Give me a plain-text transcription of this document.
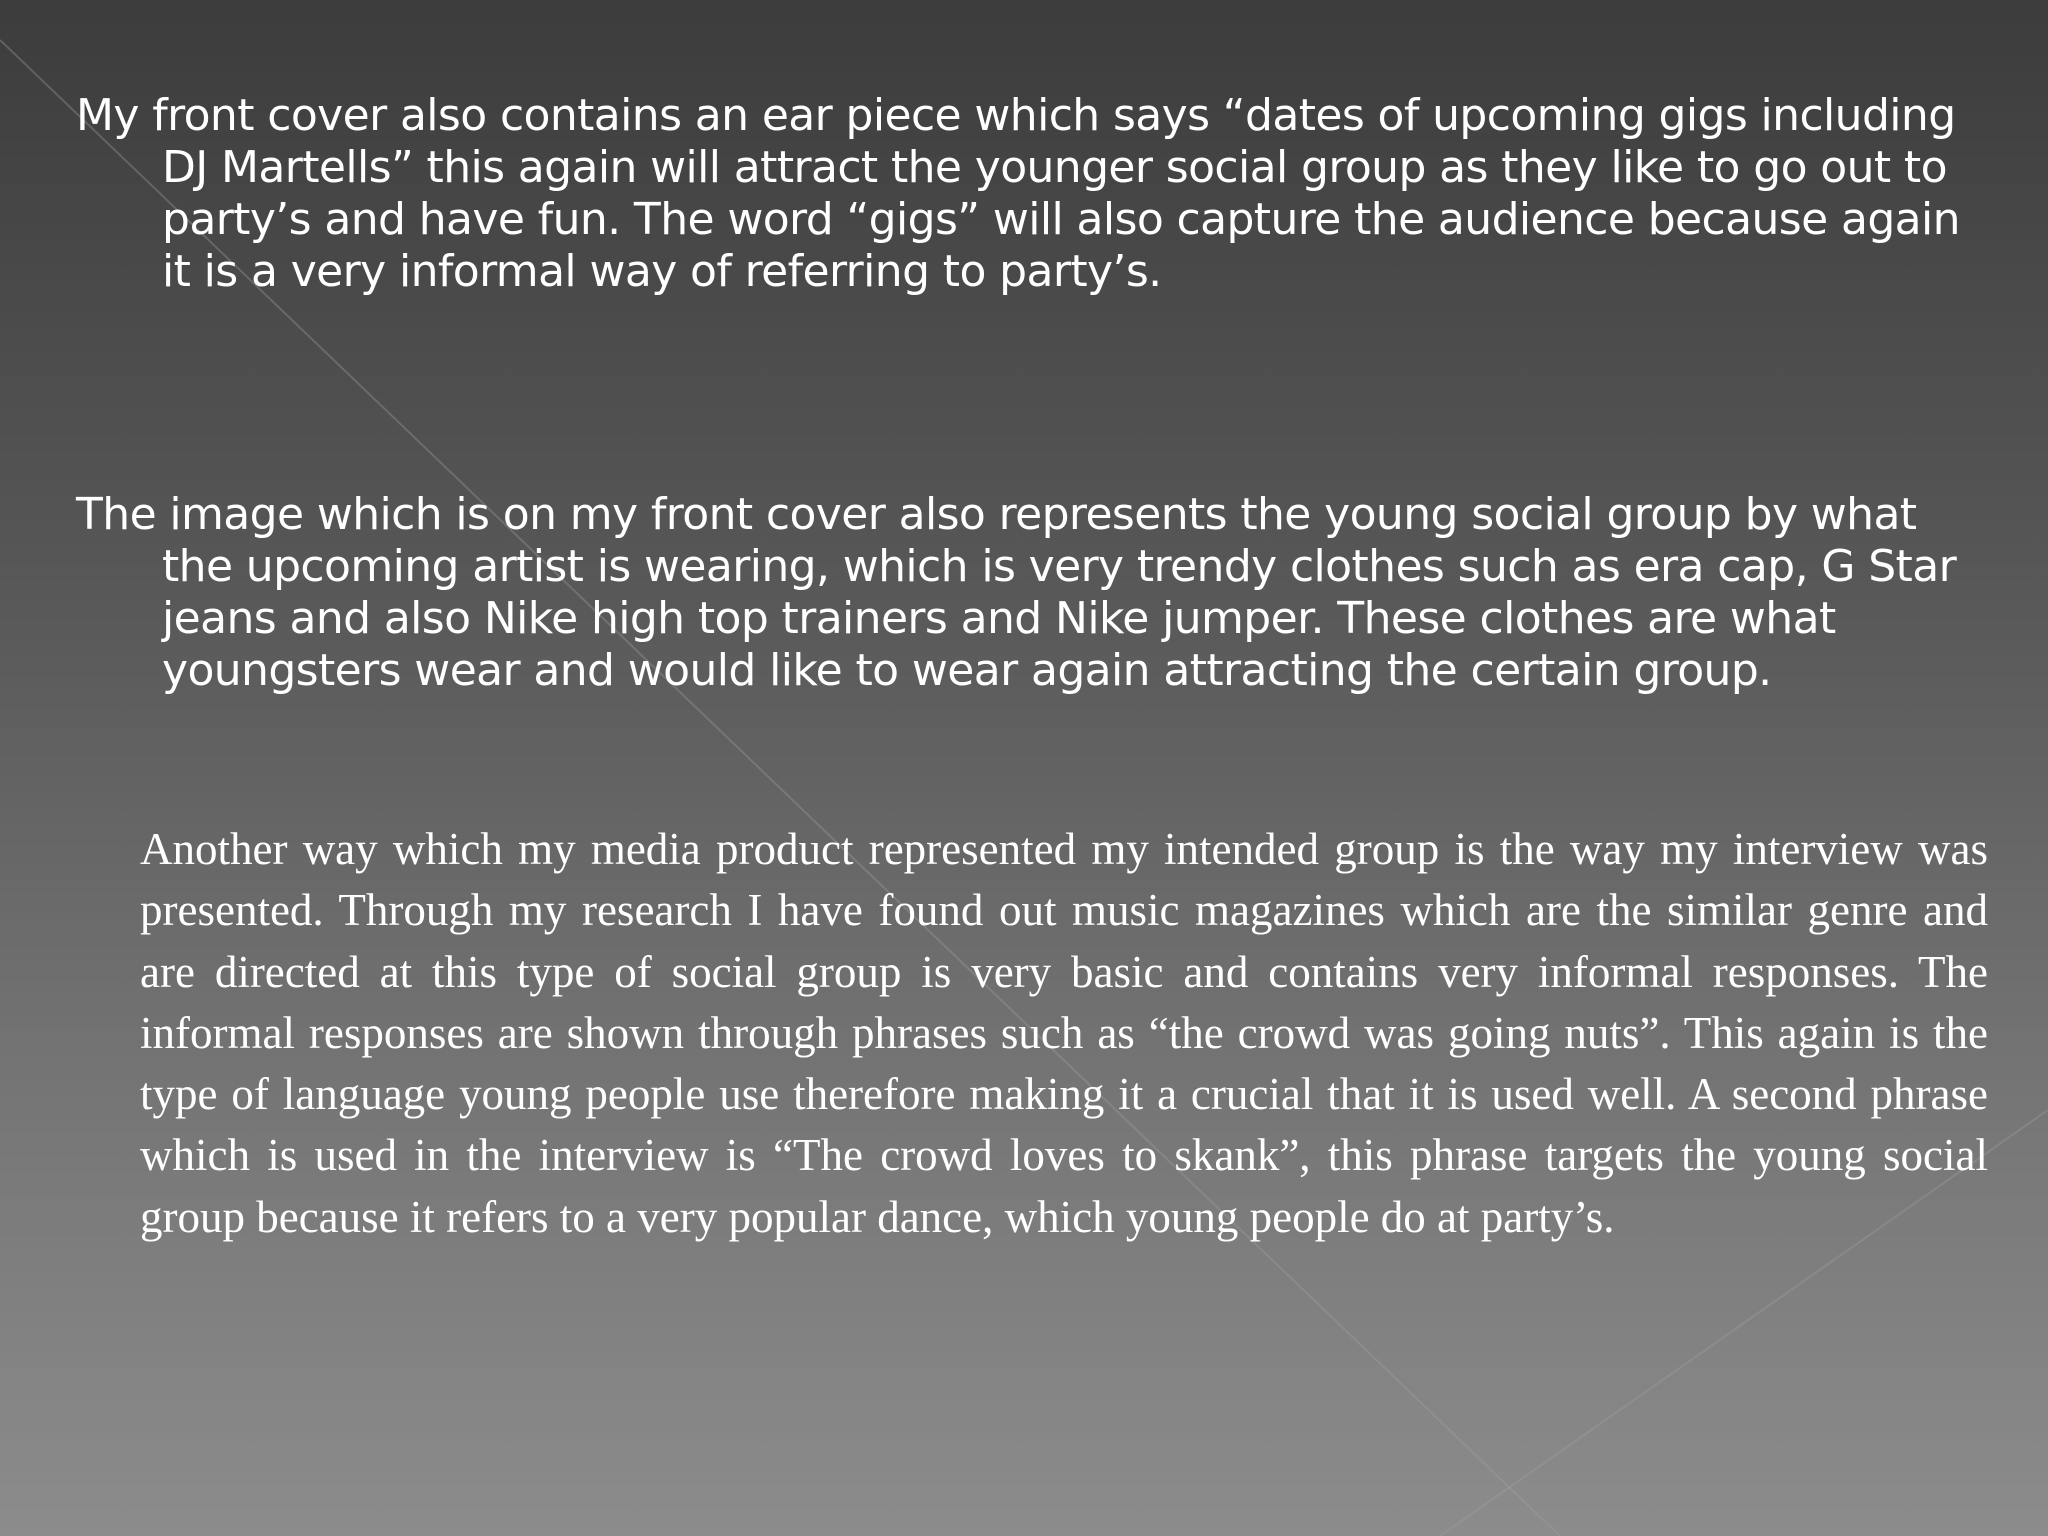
My front cover also contains an ear piece which says “dates of upcoming gigs including DJ Martells” this again will attract the younger social group as they like to go out to party’s and have fun. The word “gigs” will also capture the audience because again it is a very informal way of referring to party’s.

The image which is on my front cover also represents the young social group by what the upcoming artist is wearing, which is very trendy clothes such as era cap, G Star jeans and also Nike high top trainers and Nike jumper. These clothes are what youngsters wear and would like to wear again attracting the certain group.

Another way which my media product represented my intended group is the way my interview was presented. Through my research I have found out music magazines which are the similar genre and are directed at this type of social group is very basic and contains very informal responses. The informal responses are shown through phrases such as “the crowd was going nuts”. This again is the type of language young people use therefore making it a crucial that it is used well. A second phrase which is used in the interview is “The crowd loves to skank”, this phrase targets the young social group because it refers to a very popular dance, which young people do at party’s.
